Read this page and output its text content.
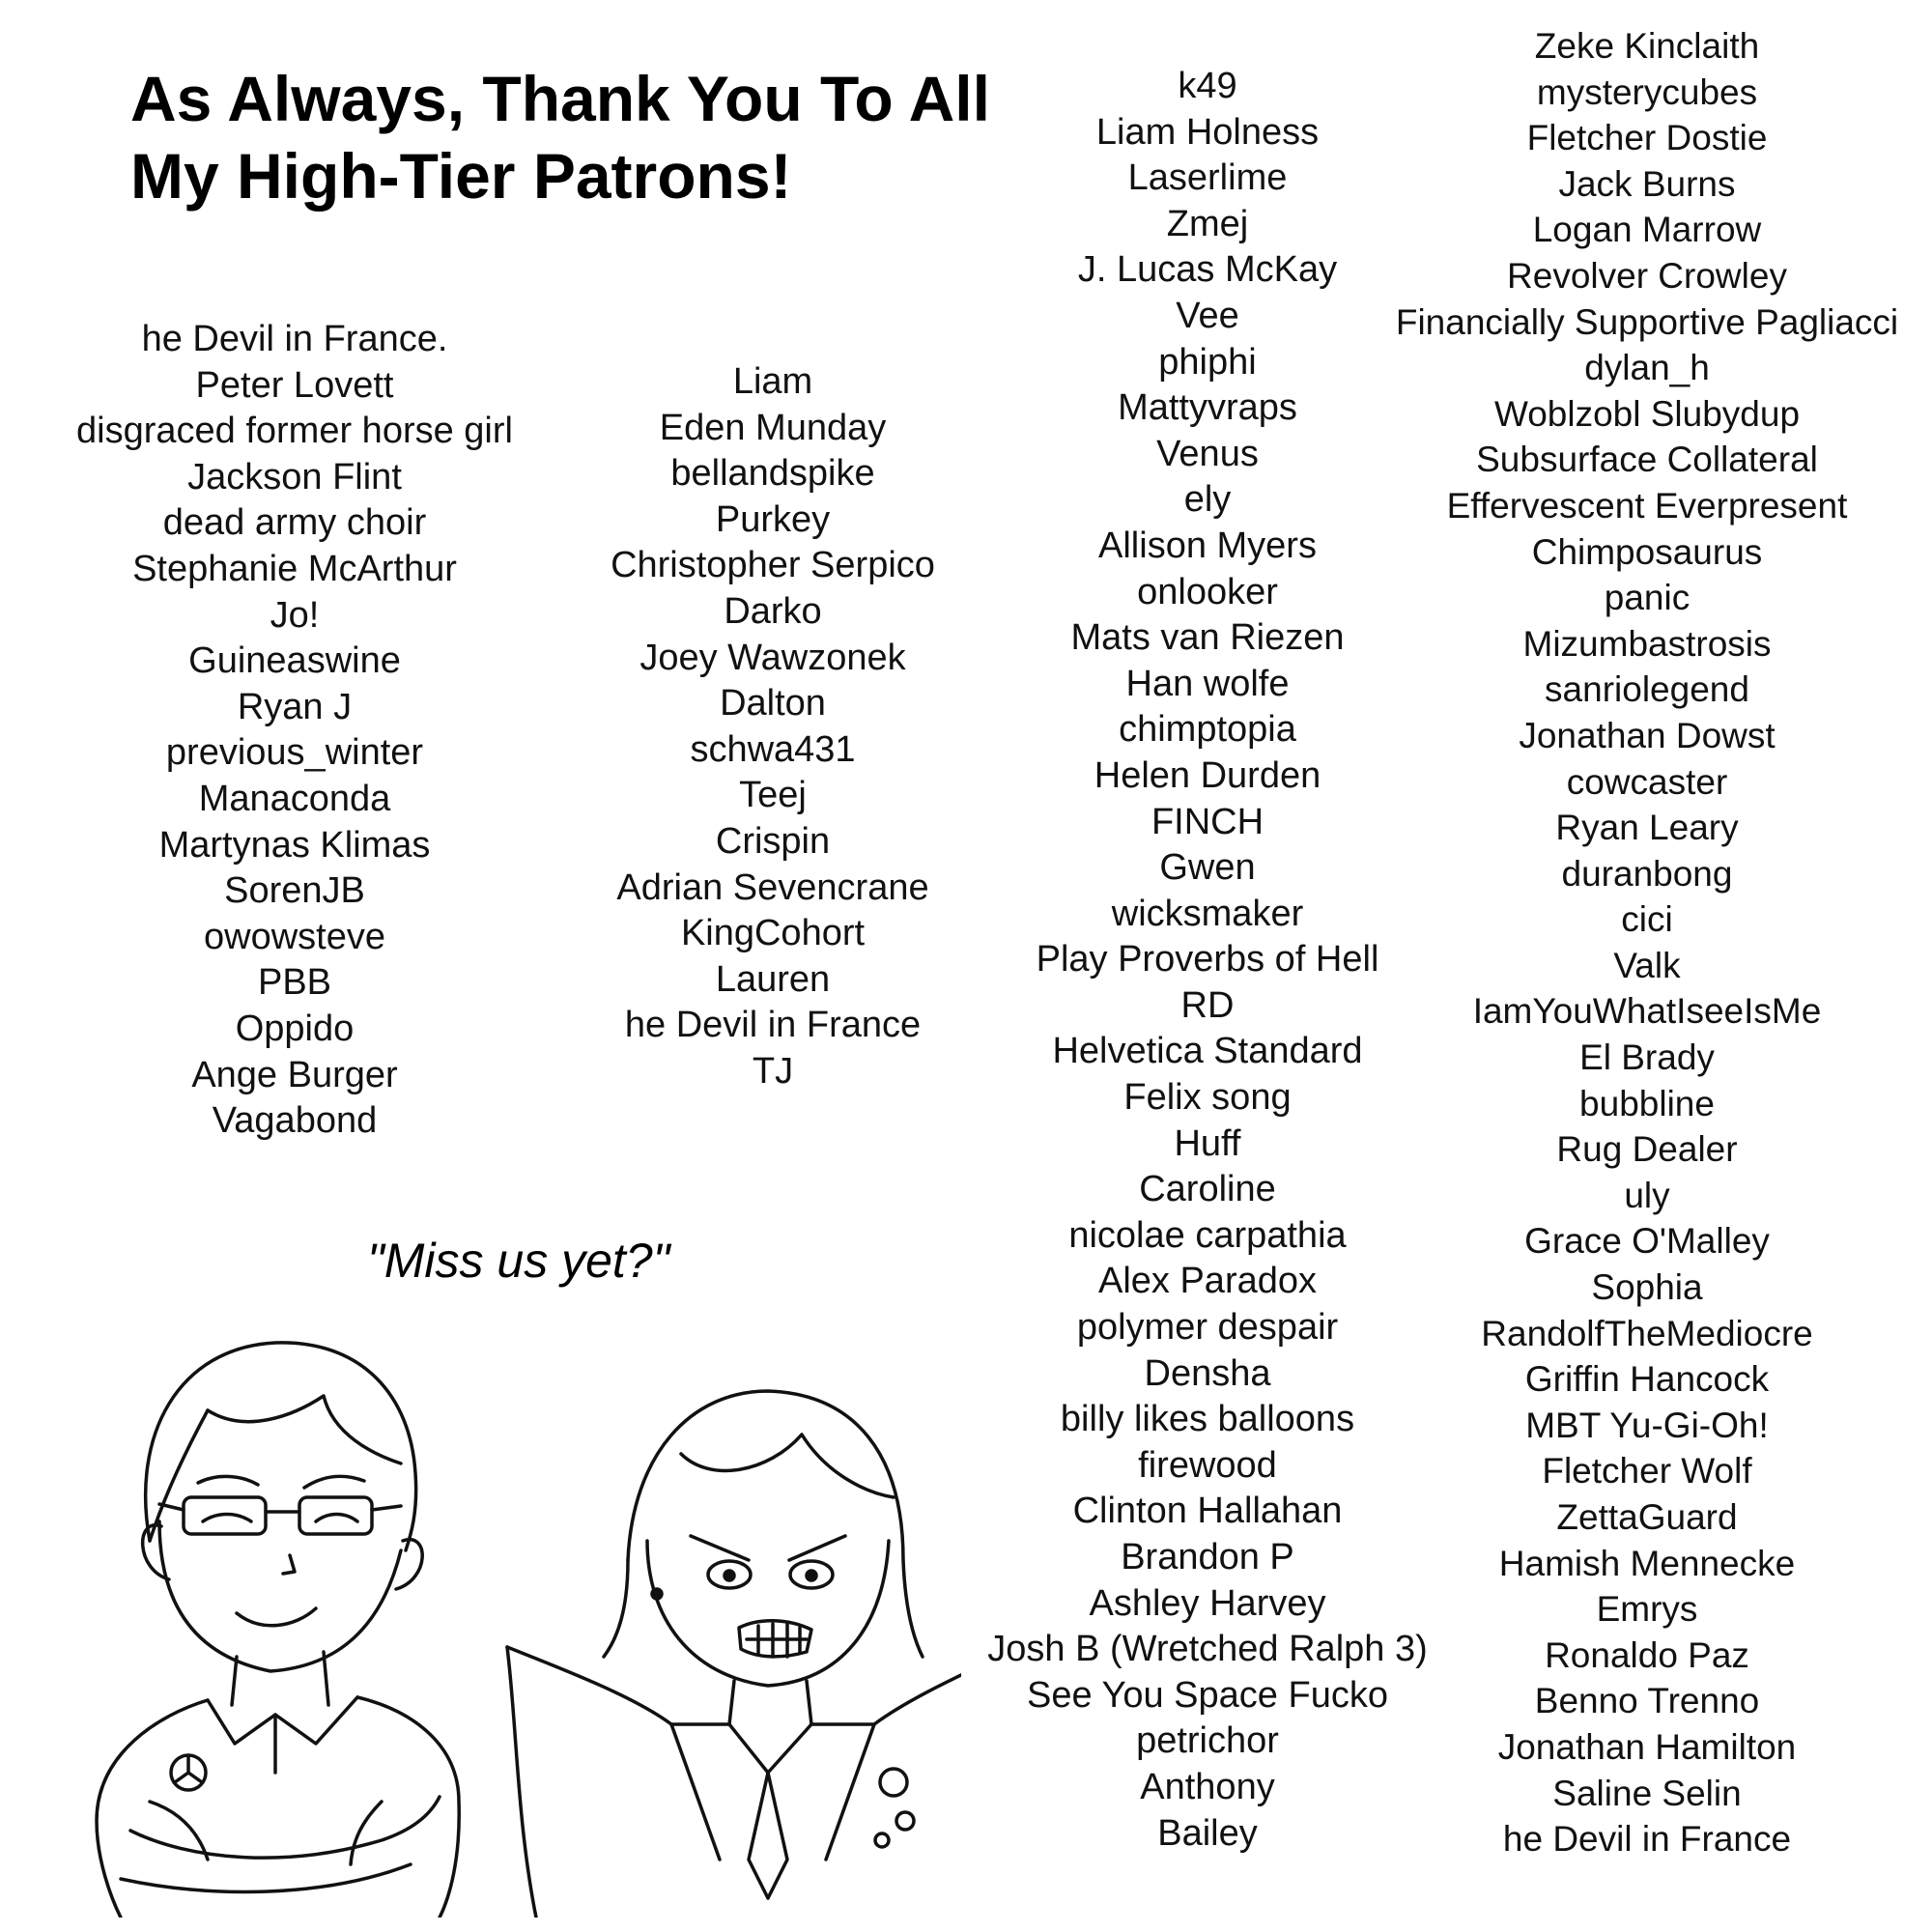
As Always, Thank You To All
My High-Tier Patrons!
he Devil in France.
Peter Lovett
disgraced former horse girl
Jackson Flint
dead army choir
Stephanie McArthur
Jo!
Guineaswine
Ryan J
previous_winter
Manaconda
Martynas Klimas
SorenJB
owowsteve
PBB
Oppido
Ange Burger
Vagabond
Liam
Eden Munday
bellandspike
Purkey
Christopher Serpico
Darko
Joey Wawzonek
Dalton
schwa431
Teej
Crispin
Adrian Sevencrane
KingCohort
Lauren
he Devil in France
TJ
k49
Liam Holness
Laserlime
Zmej
J. Lucas McKay
Vee
phiphi
Mattyvraps
Venus
ely
Allison Myers
onlooker
Mats van Riezen
Han wolfe
chimptopia
Helen Durden
FINCH
Gwen
wicksmaker
Play Proverbs of Hell
RD
Helvetica Standard
Felix song
Huff
Caroline
nicolae carpathia
Alex Paradox
polymer despair
Densha
billy likes balloons
firewood
Clinton Hallahan
Brandon P
Ashley Harvey
Josh B (Wretched Ralph 3)
See You Space Fucko
petrichor
Anthony
Bailey
Zeke Kinclaith
mysterycubes
Fletcher Dostie
Jack Burns
Logan Marrow
Revolver Crowley
Financially Supportive Pagliacci
dylan_h
Woblzobl Slubydup
Subsurface Collateral
Effervescent Everpresent
Chimposaurus
panic
Mizumbastrosis
sanriolegend
Jonathan Dowst
cowcaster
Ryan Leary
duranbong
cici
Valk
IamYouWhatIseeIsMe
El Brady
bubbline
Rug Dealer
uly
Grace O'Malley
Sophia
RandolfTheMediocre
Griffin Hancock
MBT Yu-Gi-Oh!
Fletcher Wolf
ZettaGuard
Hamish Mennecke
Emrys
Ronaldo Paz
Benno Trenno
Jonathan Hamilton
Saline Selin
he Devil in France

"Miss us yet?"
